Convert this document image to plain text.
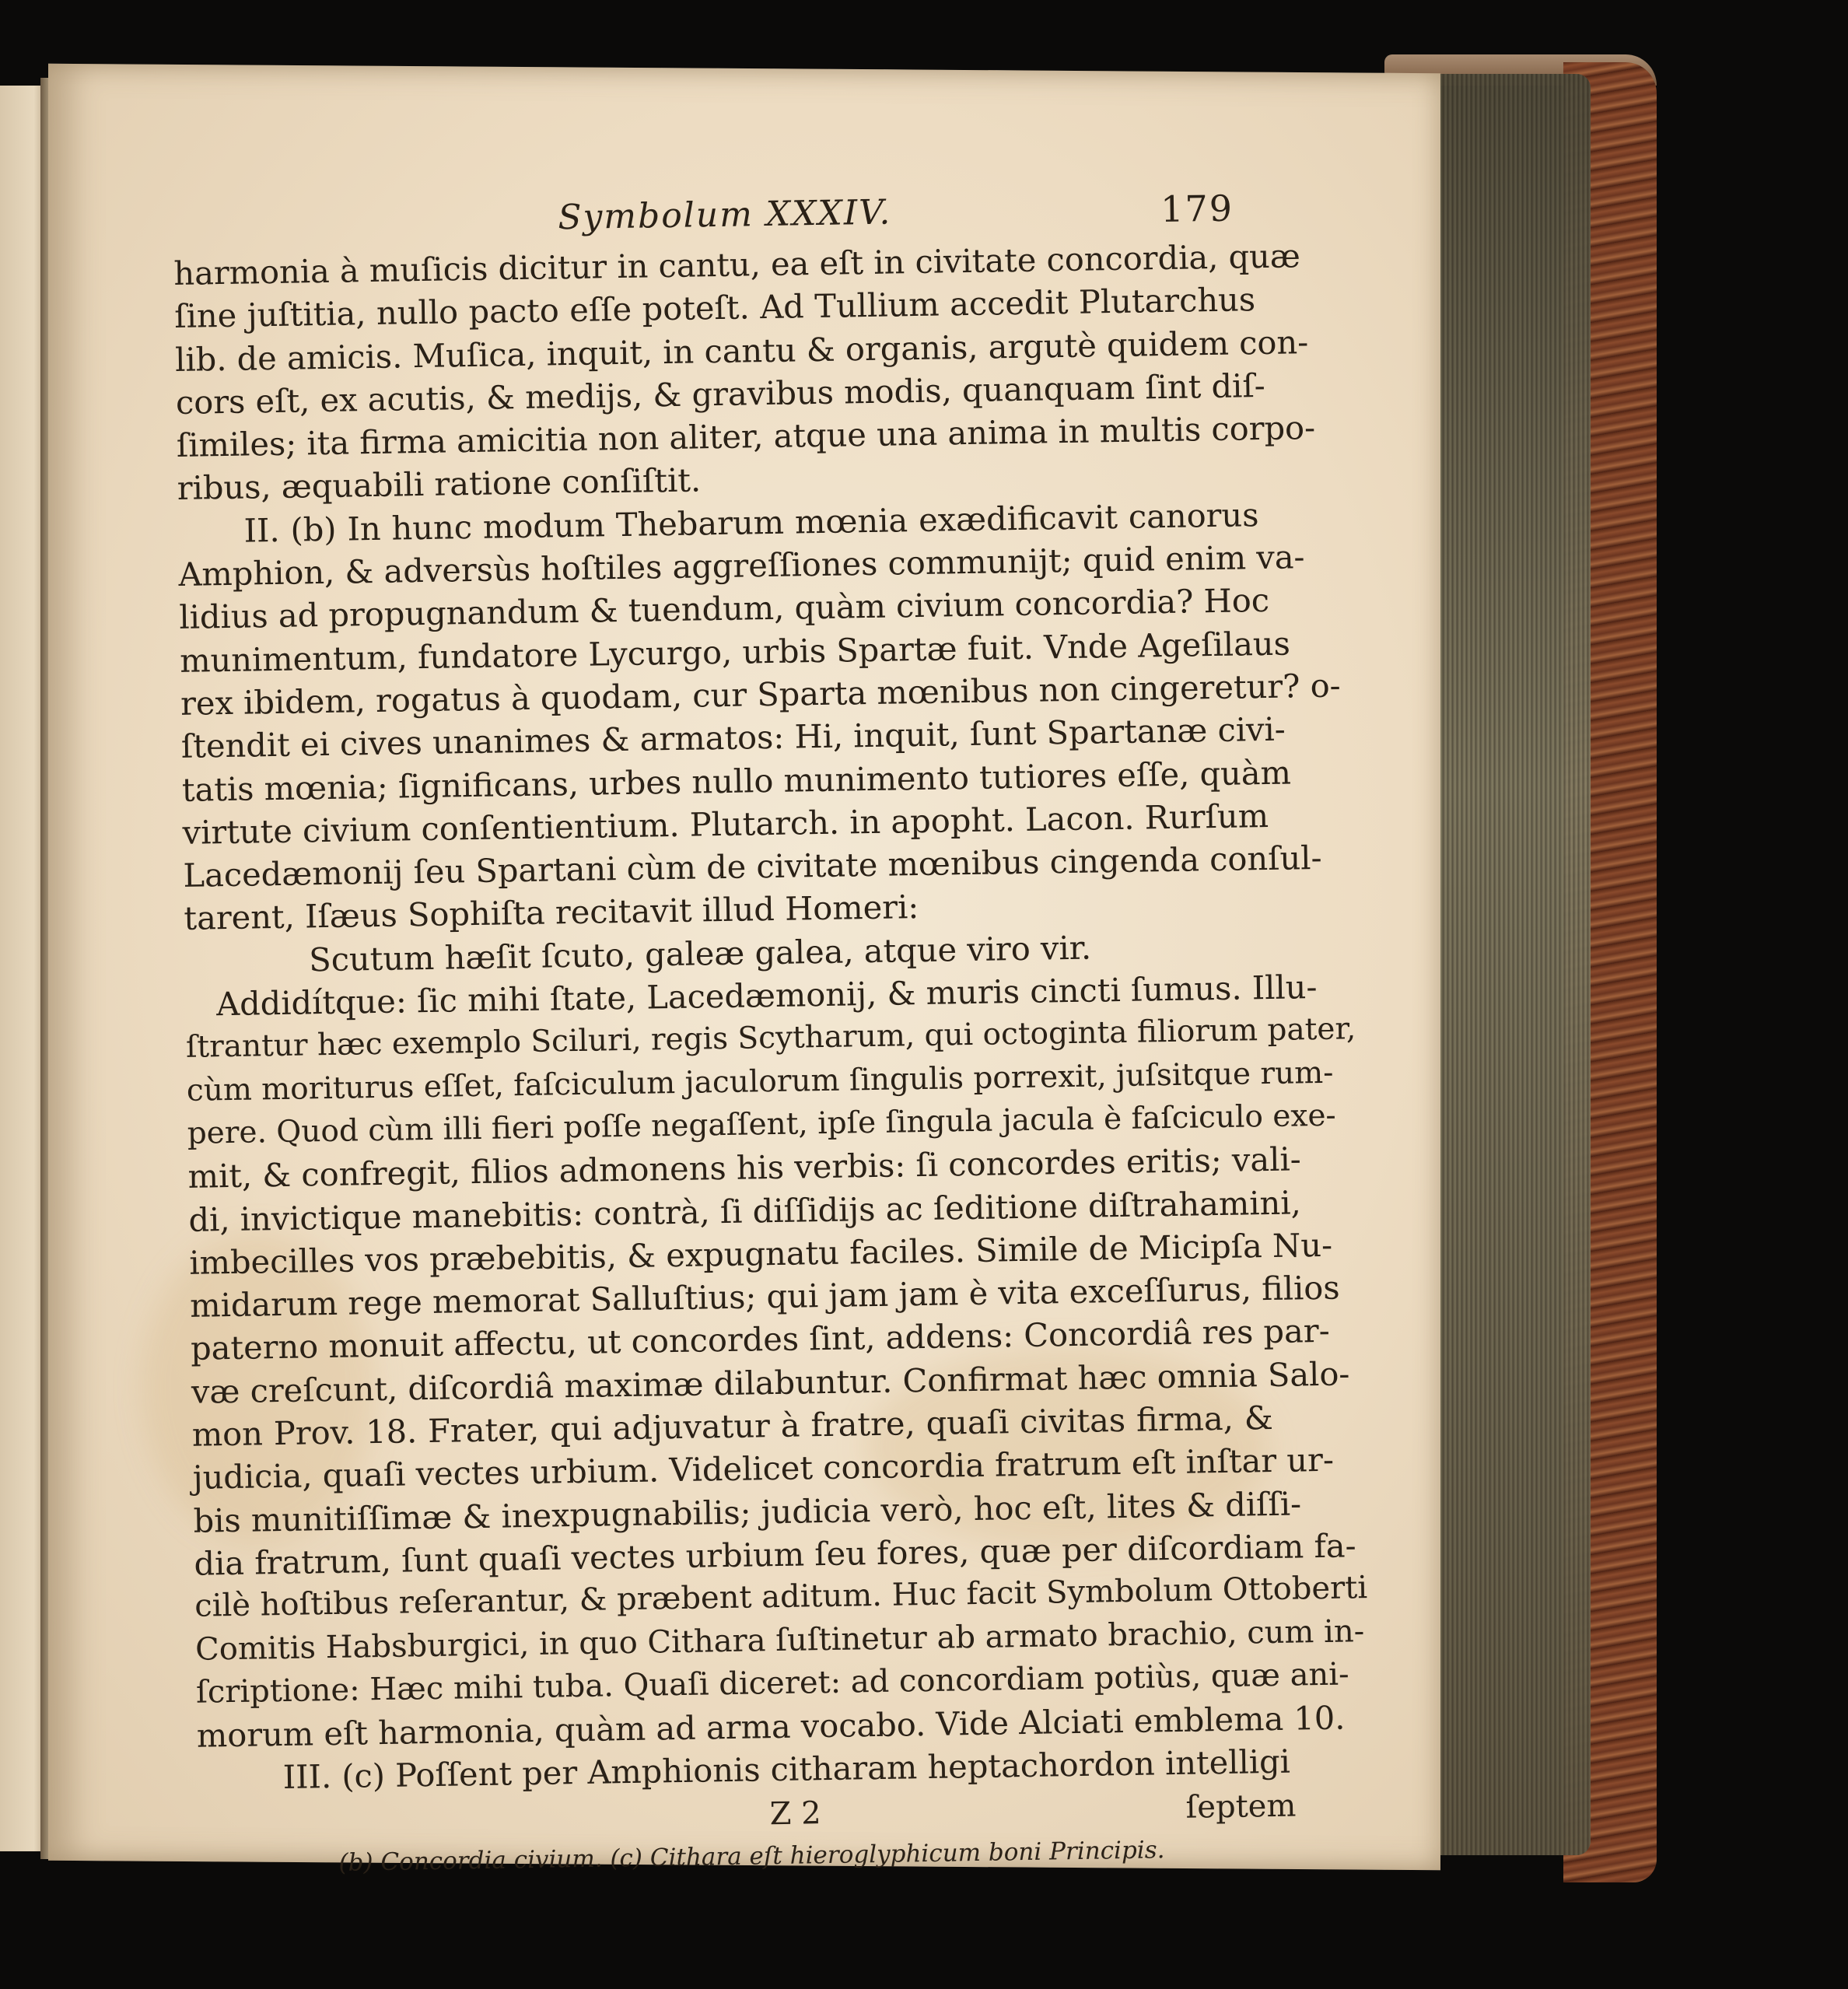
Symbolum XXXIV.	179
harmonia à muſicis dicitur in cantu, ea eſt in civitate concordia, quæ
ſine juſtitia, nullo pacto eſſe poteſt. Ad Tullium accedit Plutarchus
lib. de amicis. Muſica, inquit, in cantu & organis, argutè quidem con-
cors eſt, ex acutis, & medijs, & gravibus modis, quanquam ſint diſ-
ſimiles; ita firma amicitia non aliter, atque una anima in multis corpo-
ribus, æquabili ratione conſiſtit.
II. (b) In hunc modum Thebarum mœnia exædificavit canorus
Amphion, & adversùs hoſtiles aggreſſiones communijt; quid enim va-
lidius ad propugnandum & tuendum, quàm civium concordia? Hoc
munimentum, fundatore Lycurgo, urbis Spartæ fuit. Vnde Ageſilaus
rex ibidem, rogatus à quodam, cur Sparta mœnibus non cingeretur? o-
ſtendit ei cives unanimes & armatos: Hi, inquit, ſunt Spartanæ civi-
tatis mœnia; ſignificans, urbes nullo munimento tutiores eſſe, quàm
virtute civium conſentientium. Plutarch. in apopht. Lacon. Rurſum
Lacedæmonij ſeu Spartani cùm de civitate mœnibus cingenda conſul-
tarent, Iſæus Sophiſta recitavit illud Homeri:
Scutum hæſit ſcuto, galeæ galea, atque viro vir.
Addidítque: ſic mihi ſtate, Lacedæmonij, & muris cincti ſumus. Illu-
ſtrantur hæc exemplo Sciluri, regis Scytharum, qui octoginta filiorum pater,
cùm moriturus eſſet, faſciculum jaculorum ſingulis porrexit, juſsitque rum-
pere. Quod cùm illi fieri poſſe negaſſent, ipſe ſingula jacula è faſciculo exe-
mit, & confregit, filios admonens his verbis: ſi concordes eritis; vali-
di, invictique manebitis: contrà, ſi diſſidijs ac ſeditione diſtrahamini,
imbecilles vos præbebitis, & expugnatu faciles. Simile de Micipſa Nu-
midarum rege memorat Salluſtius; qui jam jam è vita exceſſurus, filios
paterno monuit affectu, ut concordes ſint, addens: Concordiâ res par-
væ creſcunt, diſcordiâ maximæ dilabuntur. Confirmat hæc omnia Salo-
mon Prov. 18. Frater, qui adjuvatur à fratre, quaſi civitas firma, &
judicia, quaſi vectes urbium. Videlicet concordia fratrum eſt inſtar ur-
bis munitiſſimæ & inexpugnabilis; judicia verò, hoc eſt, lites & diſſi-
dia fratrum, ſunt quaſi vectes urbium ſeu fores, quæ per diſcordiam fa-
cilè hoſtibus reſerantur, & præbent aditum. Huc facit Symbolum Ottoberti
Comitis Habsburgici, in quo Cithara ſuſtinetur ab armato brachio, cum in-
ſcriptione: Hæc mihi tuba. Quaſi diceret: ad concordiam potiùs, quæ ani-
morum eſt harmonia, quàm ad arma vocabo. Vide Alciati emblema 10.
III. (c) Poſſent per Amphionis citharam heptachordon intelligi
Z 2	ſeptem
(b) Concordia civium. (c) Cithara eſt hieroglyphicum boni Principis.
